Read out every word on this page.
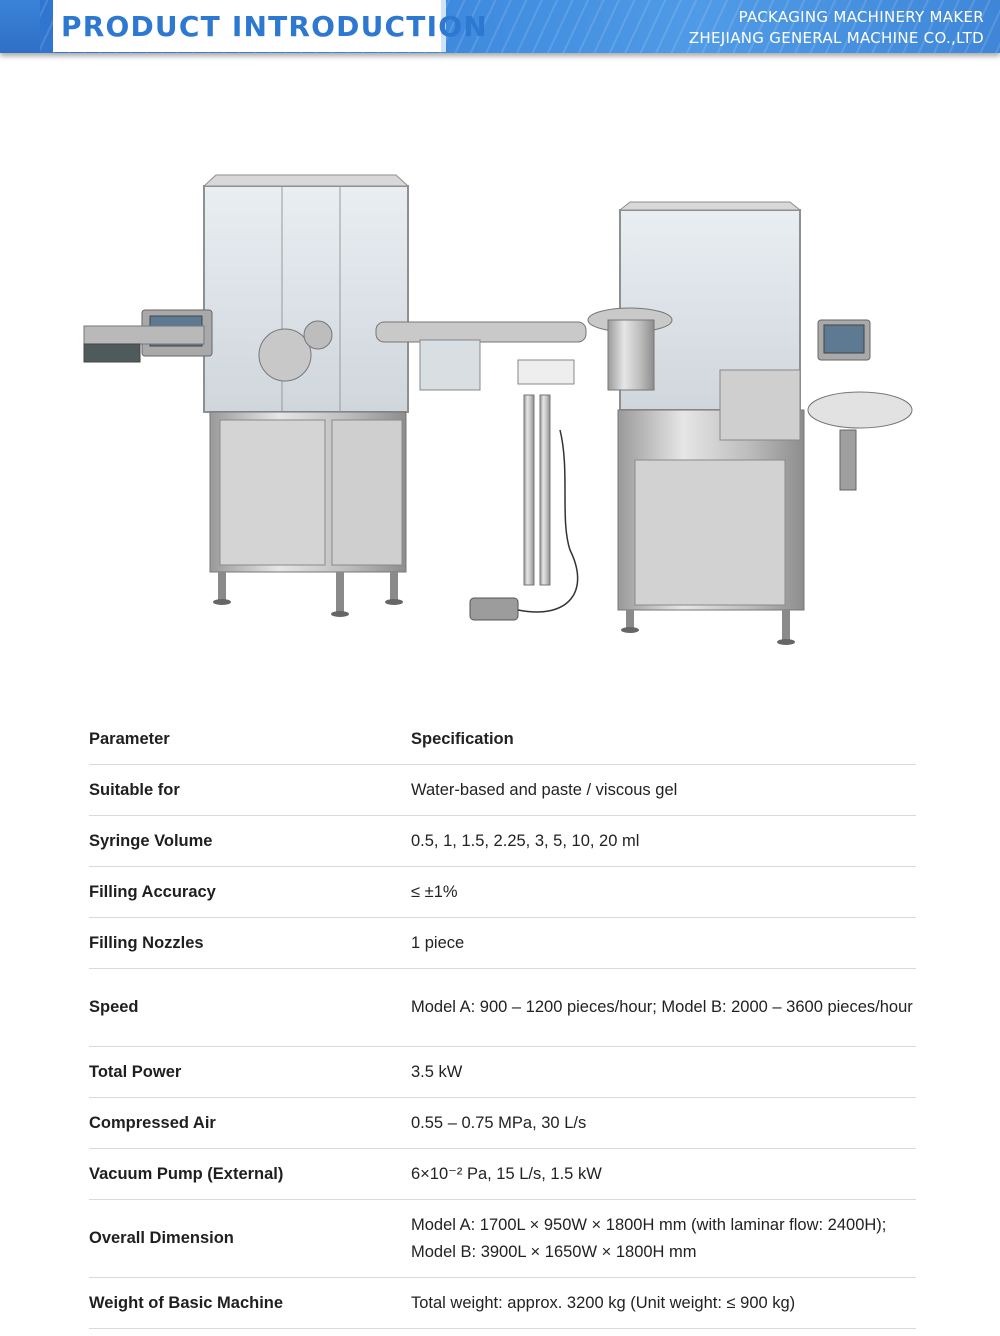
PRODUCT INTRODUCTION	PACKAGING MACHINERY MAKER
ZHEJIANG GENERAL MACHINE CO.,LTD
Parameter	Specification
Suitable for	Water-based and paste / viscous gel
Syringe Volume	0.5, 1, 1.5, 2.25, 3, 5, 10, 20 ml
Filling Accuracy	≤ ±1%
Filling Nozzles	1 piece
Speed	Model A: 900 – 1200 pieces/hour; Model B: 2000 – 3600 pieces/hour
Total Power	3.5 kW
Compressed Air	0.55 – 0.75 MPa, 30 L/s
Vacuum Pump (External)	6×10⁻² Pa, 15 L/s, 1.5 kW
Overall Dimension	Model A: 1700L × 950W × 1800H mm (with laminar flow: 2400H); Model B: 3900L × 1650W × 1800H mm
Weight of Basic Machine	Total weight: approx. 3200 kg (Unit weight: ≤ 900 kg)
